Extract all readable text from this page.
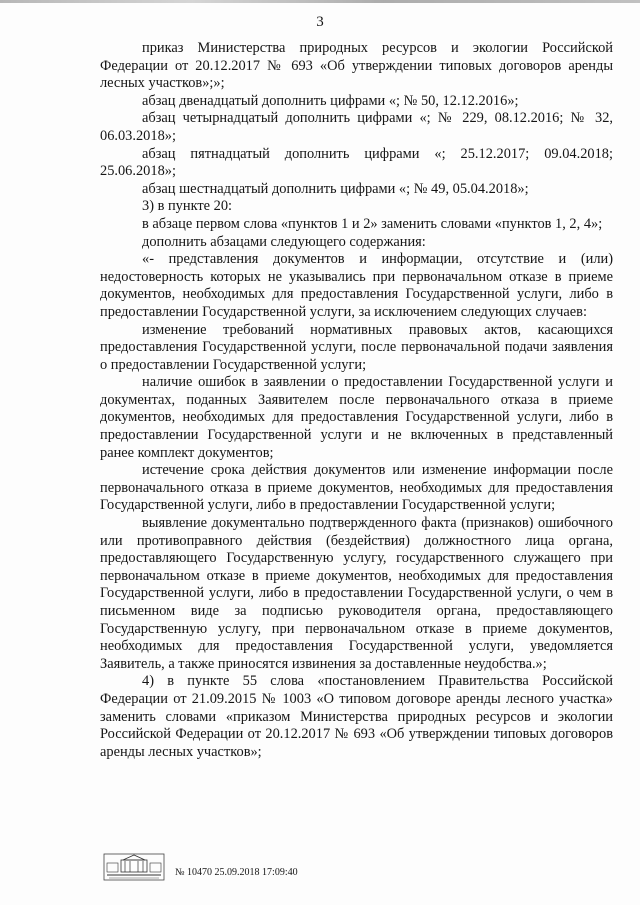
3

приказ Министерства природных ресурсов и экологии Российской Федерации от 20.12.2017 № 693 «Об утверждении типовых договоров аренды лесных участков»;»;

абзац двенадцатый дополнить цифрами «; № 50, 12.12.2016»;

абзац четырнадцатый дополнить цифрами «; № 229, 08.12.2016; № 32, 06.03.2018»;

абзац пятнадцатый дополнить цифрами «; 25.12.2017; 09.04.2018; 25.06.2018»;

абзац шестнадцатый дополнить цифрами «; № 49, 05.04.2018»;

3) в пункте 20:

в абзаце первом слова «пунктов 1 и 2» заменить словами «пунктов 1, 2, 4»;

дополнить абзацами следующего содержания:

«- представления документов и информации, отсутствие и (или) недостоверность которых не указывались при первоначальном отказе в приеме документов, необходимых для предоставления Государственной услуги, либо в предоставлении Государственной услуги, за исключением следующих случаев:

изменение требований нормативных правовых актов, касающихся предоставления Государственной услуги, после первоначальной подачи заявления о предоставлении Государственной услуги;

наличие ошибок в заявлении о предоставлении Государственной услуги и документах, поданных Заявителем после первоначального отказа в приеме документов, необходимых для предоставления Государственной услуги, либо в предоставлении Государственной услуги и не включенных в представленный ранее комплект документов;

истечение срока действия документов или изменение информации после первоначального отказа в приеме документов, необходимых для предоставления Государственной услуги, либо в предоставлении Государственной услуги;

выявление документально подтвержденного факта (признаков) ошибочного или противоправного действия (бездействия) должностного лица органа, предоставляющего Государственную услугу, государственного служащего при первоначальном отказе в приеме документов, необходимых для предоставления Государственной услуги, либо в предоставлении Государственной услуги, о чем в письменном виде за подписью руководителя органа, предоставляющего Государственную услугу, при первоначальном отказе в приеме документов, необходимых для предоставления Государственной услуги, уведомляется Заявитель, а также приносятся извинения за доставленные неудобства.»;

4) в пункте 55 слова «постановлением Правительства Российской Федерации от 21.09.2015 № 1003 «О типовом договоре аренды лесного участка» заменить словами «приказом Министерства природных ресурсов и экологии Российской Федерации от 20.12.2017 № 693 «Об утверждении типовых договоров аренды лесных участков»;

№ 10470 25.09.2018 17:09:40
